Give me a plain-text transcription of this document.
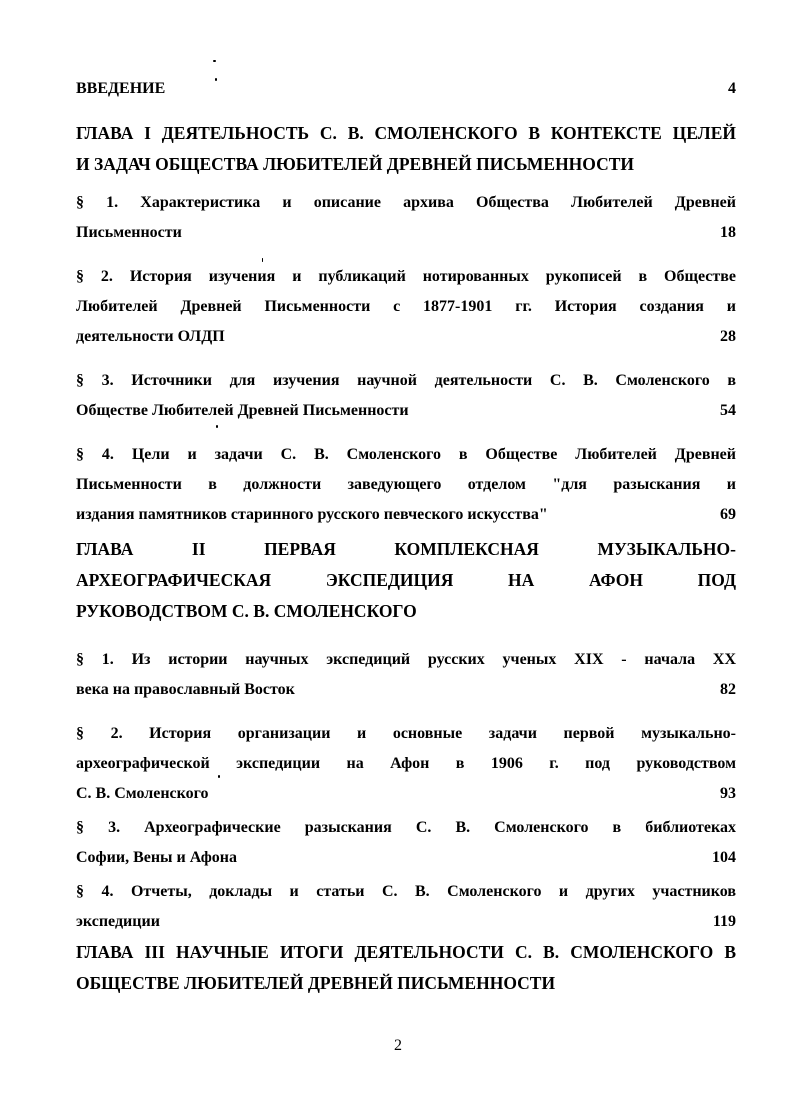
ВВЕДЕНИЕ	4
ГЛАВА I ДЕЯТЕЛЬНОСТЬ С. В. СМОЛЕНСКОГО В КОНТЕКСТЕ ЦЕЛЕЙ
И ЗАДАЧ ОБЩЕСТВА ЛЮБИТЕЛЕЙ ДРЕВНЕЙ ПИСЬМЕННОСТИ
§ 1. Характеристика и описание архива Общества Любителей Древней
Письменности	18
§ 2. История изучения и публикаций нотированных рукописей в Обществе
Любителей Древней Письменности с 1877-1901 гг. История создания и
деятельности ОЛДП	28
§ 3. Источники для изучения научной деятельности С. В. Смоленского в
Обществе Любителей Древней Письменности	54
§ 4. Цели и задачи С. В. Смоленского в Обществе Любителей Древней
Письменности в должности заведующего отделом "для разыскания и
издания памятников старинного русского певческого искусства"	69
ГЛАВА II ПЕРВАЯ КОМПЛЕКСНАЯ МУЗЫКАЛЬНО-
АРХЕОГРАФИЧЕСКАЯ ЭКСПЕДИЦИЯ НА АФОН ПОД
РУКОВОДСТВОМ С. В. СМОЛЕНСКОГО
§ 1. Из истории научных экспедиций русских ученых XIX - начала XX
века на православный Восток	82
§ 2. История организации и основные задачи первой музыкально-
археографической экспедиции на Афон в 1906 г. под руководством
С. В. Смоленского	93
§ 3. Археографические разыскания С. В. Смоленского в библиотеках
Софии, Вены и Афона	104
§ 4. Отчеты, доклады и статьи С. В. Смоленского и других участников
экспедиции	119
ГЛАВА III НАУЧНЫЕ ИТОГИ ДЕЯТЕЛЬНОСТИ С. В. СМОЛЕНСКОГО В
ОБЩЕСТВЕ ЛЮБИТЕЛЕЙ ДРЕВНЕЙ ПИСЬМЕННОСТИ
2
